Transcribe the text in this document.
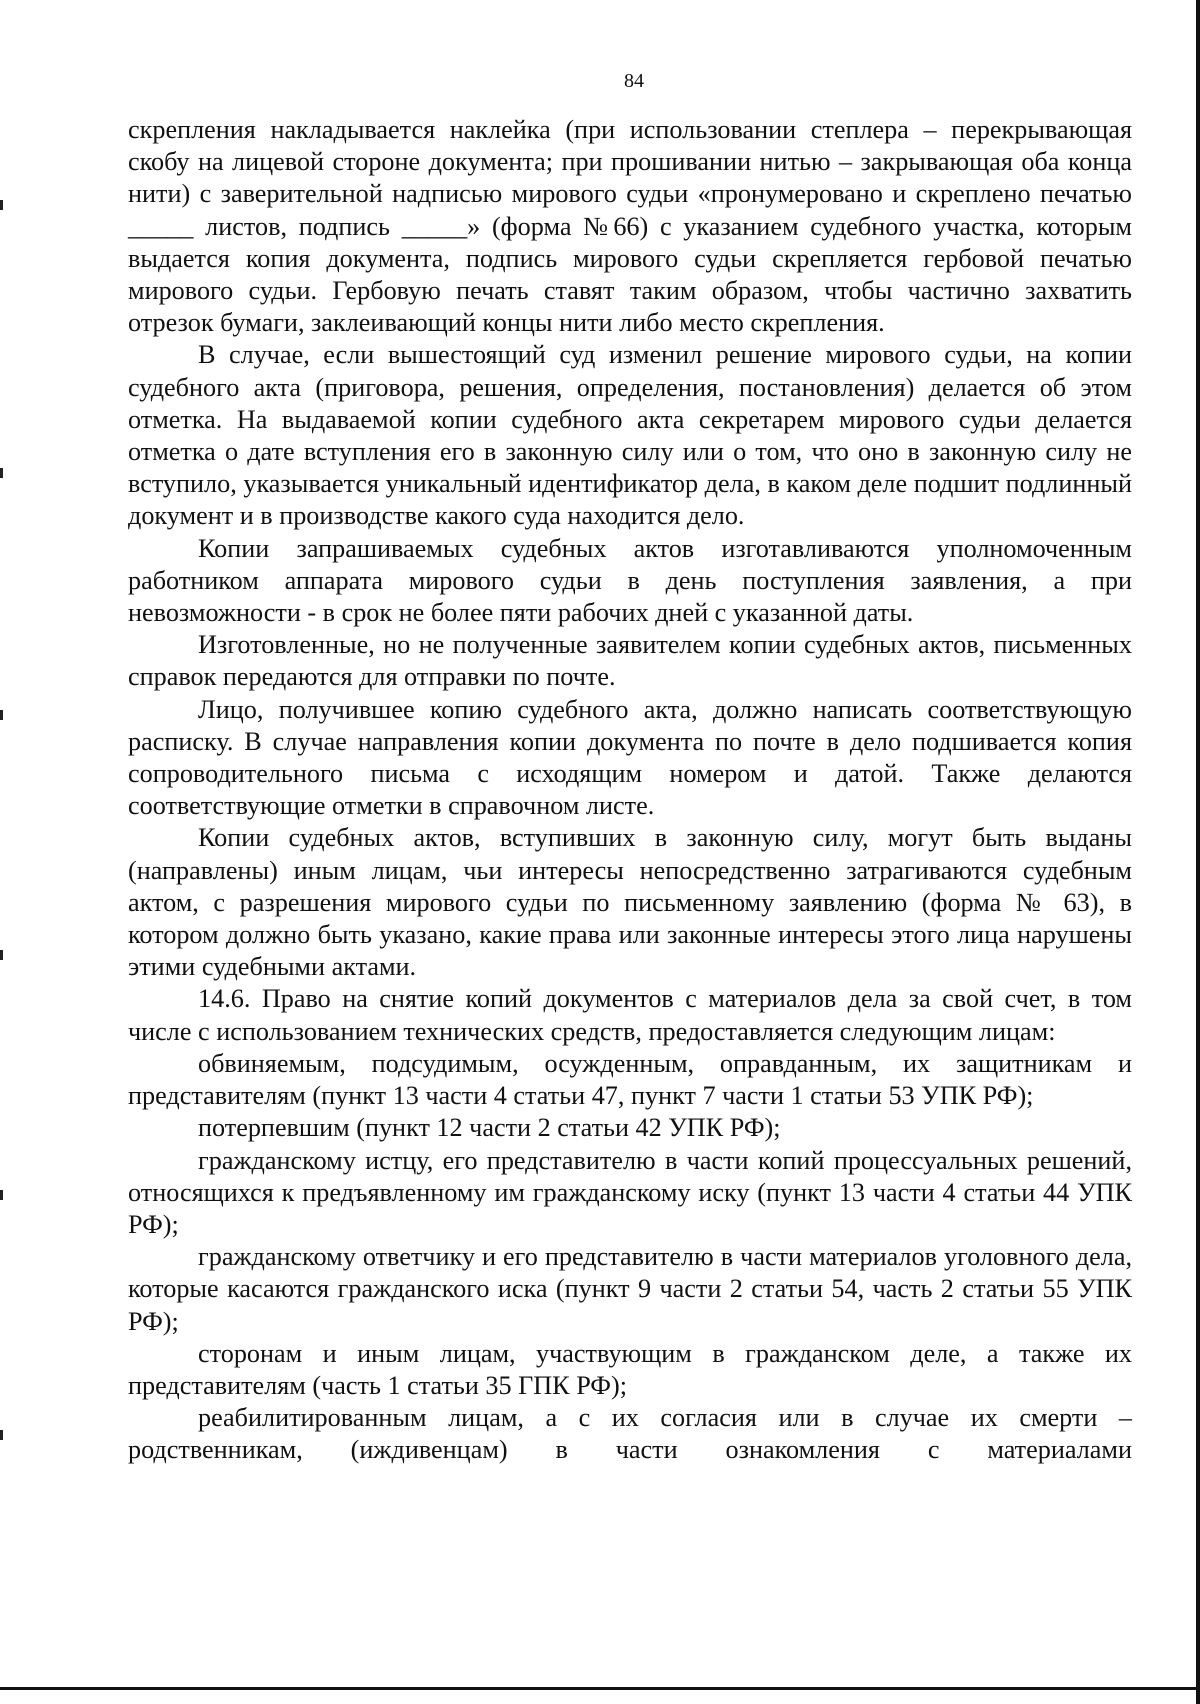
84

скрепления накладывается наклейка (при использовании степлера – перекрывающая скобу на лицевой стороне документа; при прошивании нитью – закрывающая оба конца нити) с заверительной надписью мирового судьи «пронумеровано и скреплено печатью _____ листов, подпись _____» (форма №66) с указанием судебного участка, которым выдается копия документа, подпись мирового судьи скрепляется гербовой печатью мирового судьи. Гербовую печать ставят таким образом, чтобы частично захватить отрезок бумаги, заклеивающий концы нити либо место скрепления.

В случае, если вышестоящий суд изменил решение мирового судьи, на копии судебного акта (приговора, решения, определения, постановления) делается об этом отметка. На выдаваемой копии судебного акта секретарем мирового судьи делается отметка о дате вступления его в законную силу или о том, что оно в законную силу не вступило, указывается уникальный идентификатор дела, в каком деле подшит подлинный документ и в производстве какого суда находится дело.

Копии запрашиваемых судебных актов изготавливаются уполномоченным работником аппарата мирового судьи в день поступления заявления, а при невозможности - в срок не более пяти рабочих дней с указанной даты.

Изготовленные, но не полученные заявителем копии судебных актов, письменных справок передаются для отправки по почте.

Лицо, получившее копию судебного акта, должно написать соответствующую расписку. В случае направления копии документа по почте в дело подшивается копия сопроводительного письма с исходящим номером и датой. Также делаются соответствующие отметки в справочном листе.

Копии судебных актов, вступивших в законную силу, могут быть выданы (направлены) иным лицам, чьи интересы непосредственно затрагиваются судебным актом, с разрешения мирового судьи по письменному заявлению (форма № 63), в котором должно быть указано, какие права или законные интересы этого лица нарушены этими судебными актами.

14.6. Право на снятие копий документов с материалов дела за свой счет, в том числе с использованием технических средств, предоставляется следующим лицам:

обвиняемым, подсудимым, осужденным, оправданным, их защитникам и представителям (пункт 13 части 4 статьи 47, пункт 7 части 1 статьи 53 УПК РФ);

потерпевшим (пункт 12 части 2 статьи 42 УПК РФ);

гражданскому истцу, его представителю в части копий процессуальных решений, относящихся к предъявленному им гражданскому иску (пункт 13 части 4 статьи 44 УПК РФ);

гражданскому ответчику и его представителю в части материалов уголовного дела, которые касаются гражданского иска (пункт 9 части 2 статьи 54, часть 2 статьи 55 УПК РФ);

сторонам и иным лицам, участвующим в гражданском деле, а также их представителям (часть 1 статьи 35 ГПК РФ);

реабилитированным лицам, а с их согласия или в случае их смерти – родственникам, (иждивенцам) в части ознакомления с материалами
